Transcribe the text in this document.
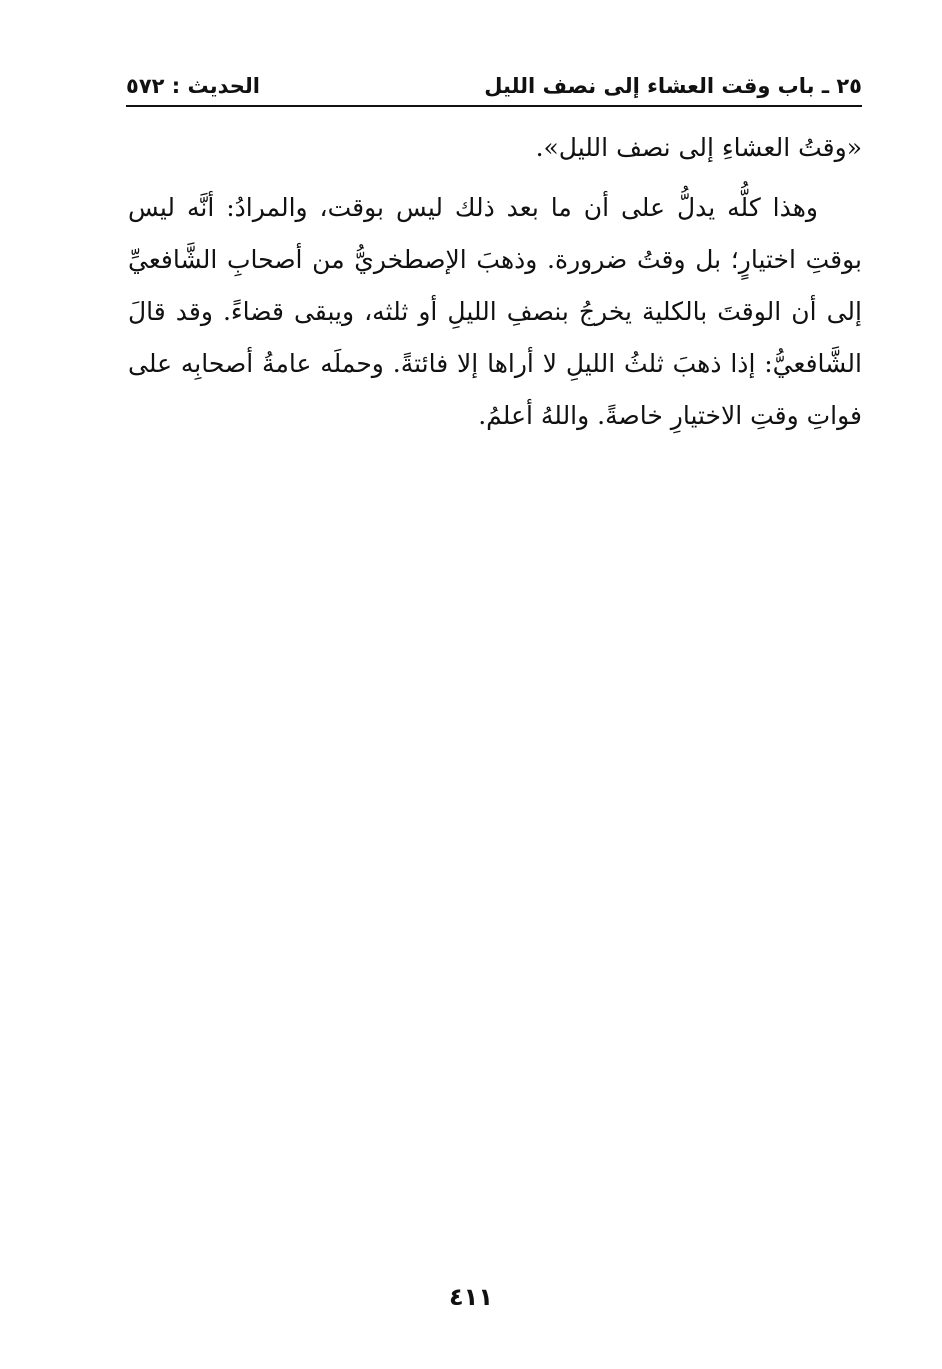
٢٥ ـ باب وقت العشاء إلى نصف الليل
الحديث : ٥٧٢

«وقتُ العشاءِ إلى نصف الليل».

وهذا كلُّه يدلُّ على أن ما بعد ذلك ليس بوقت، والمرادُ: أنَّه ليس بوقتِ اختيارٍ؛ بل وقتُ ضرورة. وذهبَ الإصطخريُّ من أصحابِ الشَّافعيِّ إلى أن الوقتَ بالكلية يخرجُ بنصفِ الليلِ أو ثلثه، ويبقى قضاءً. وقد قالَ الشَّافعيُّ: إذا ذهبَ ثلثُ الليلِ لا أراها إلا فائتةً. وحملَه عامةُ أصحابِه على فواتِ وقتِ الاختيارِ خاصةً. واللهُ أعلمُ.

٤١١
